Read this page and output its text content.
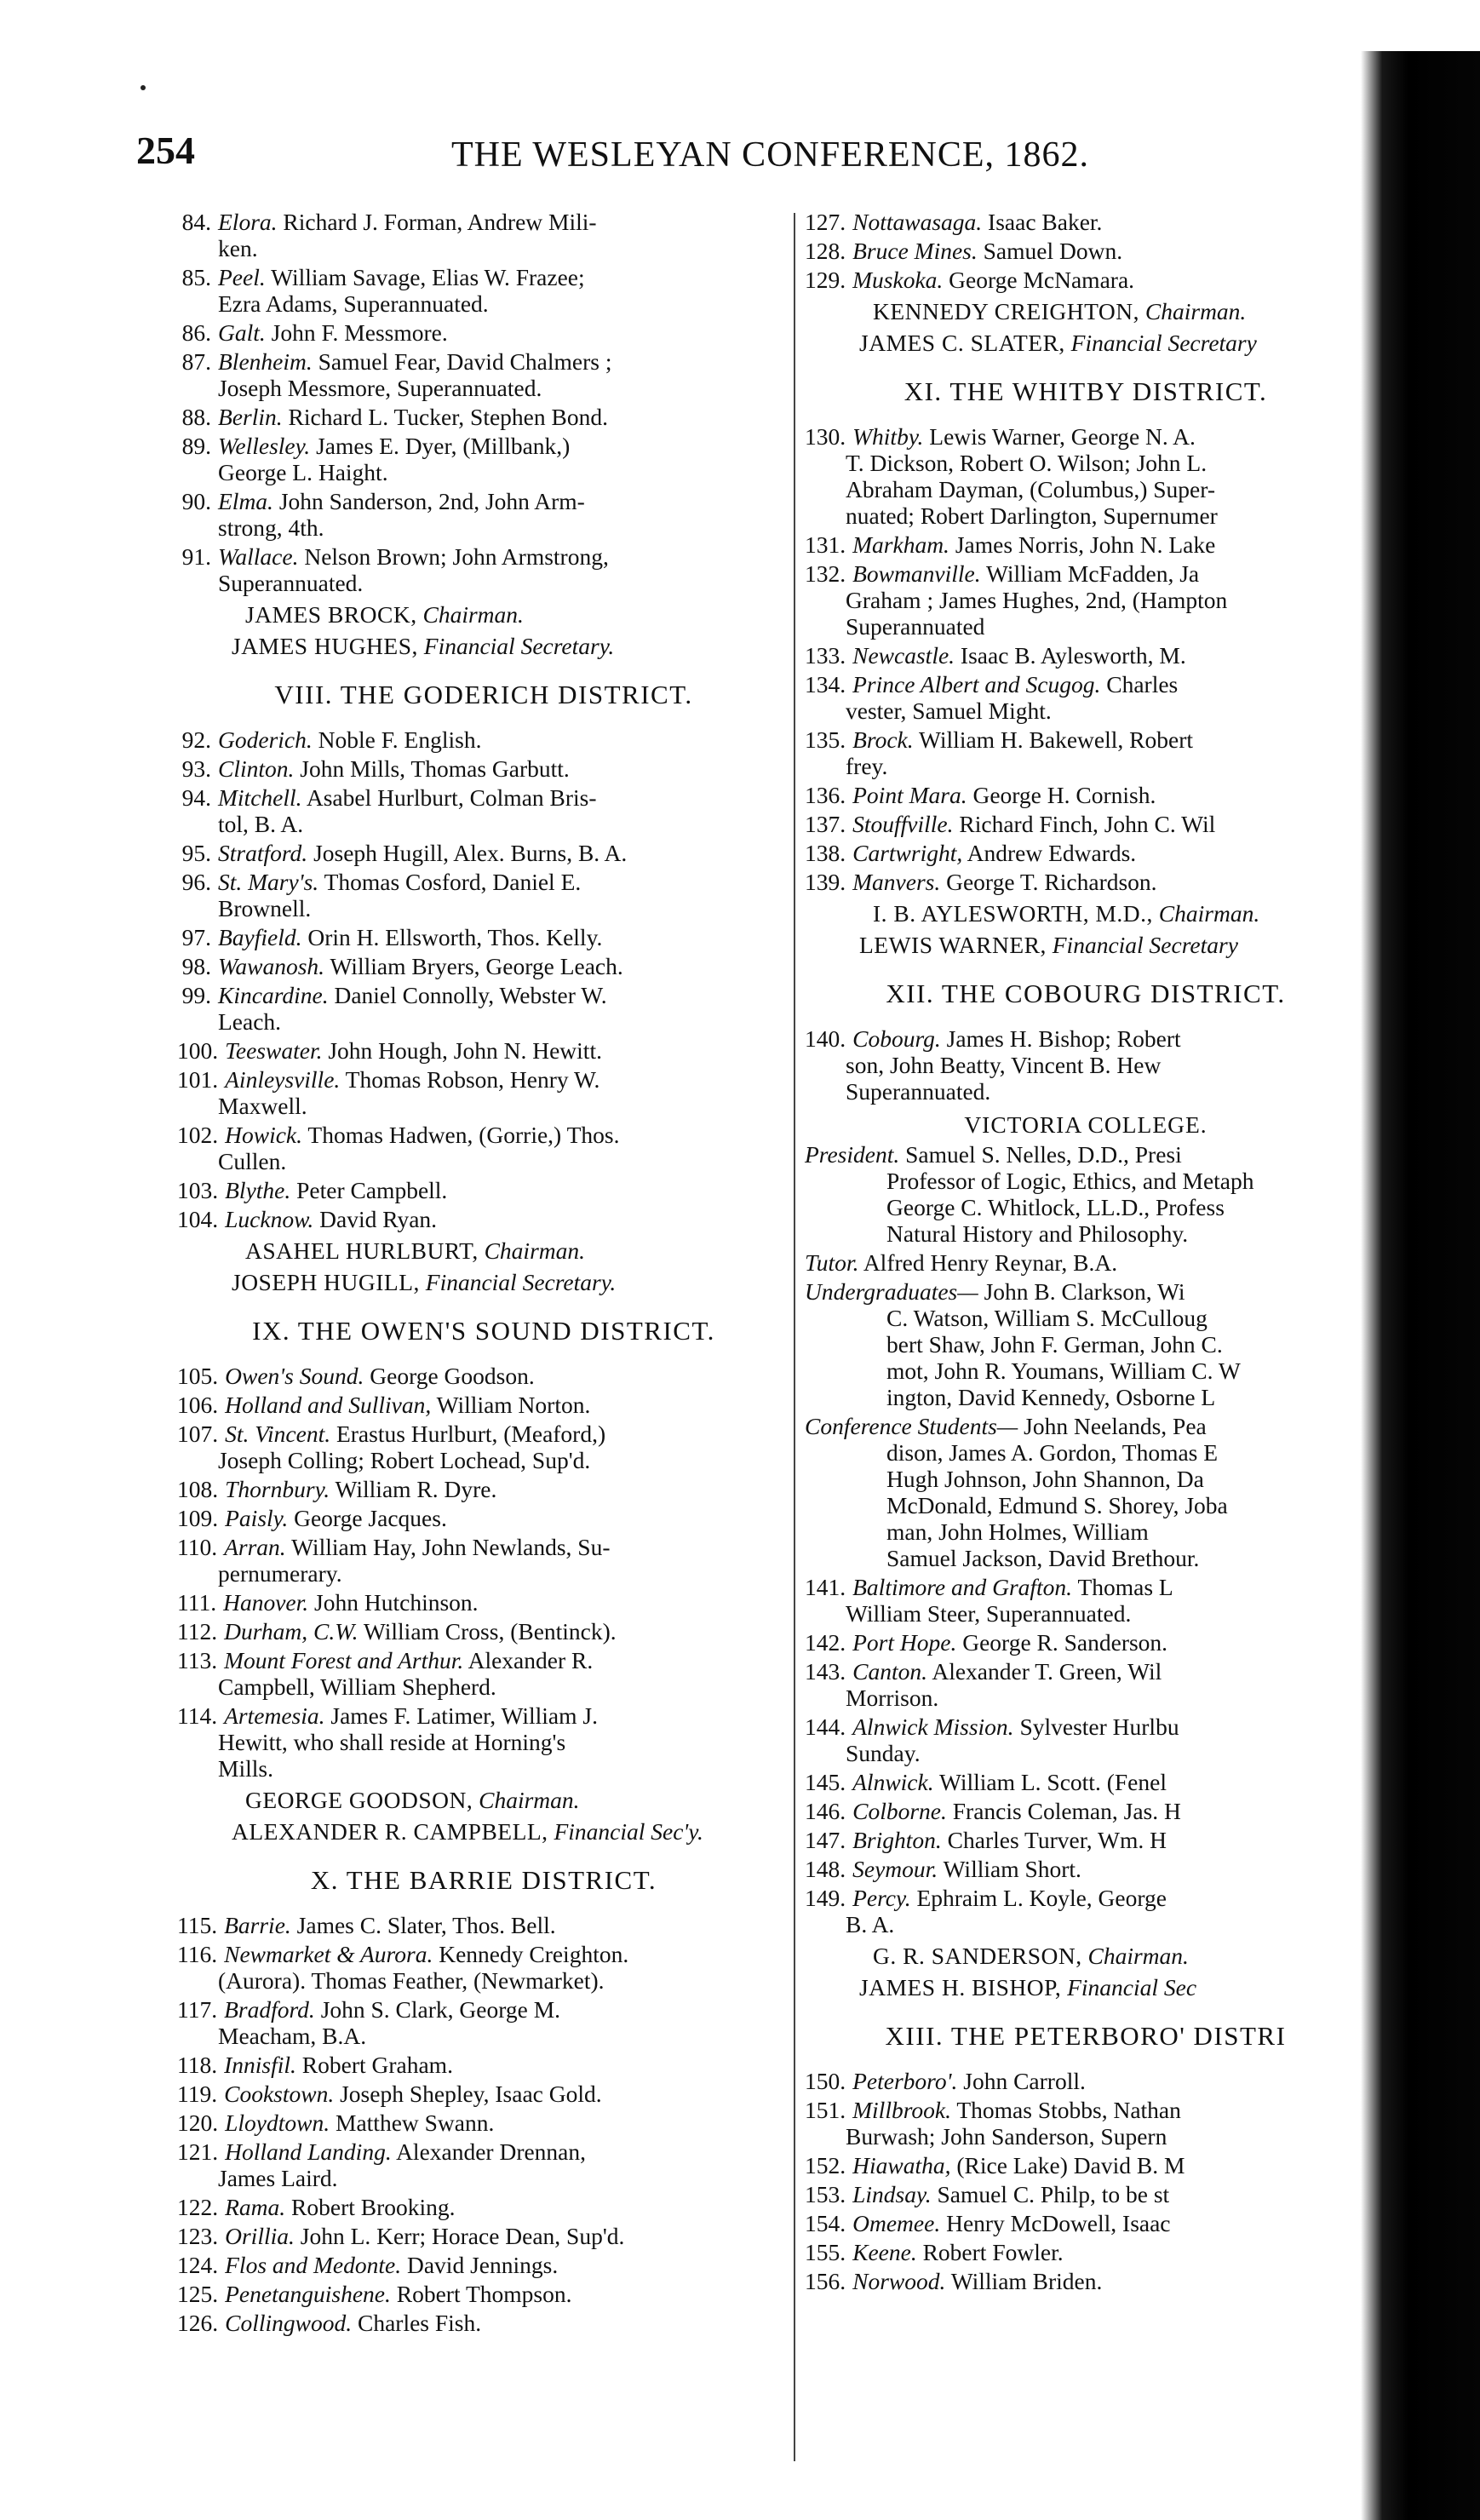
254	THE WESLEYAN CONFERENCE, 1862.

84. Elora. Richard J. Forman, Andrew Mili-
ken.

85. Peel. William Savage, Elias W. Frazee;
Ezra Adams, Superannuated.

86. Galt. John F. Messmore.

87. Blenheim. Samuel Fear, David Chalmers ;
Joseph Messmore, Superannuated.

88. Berlin. Richard L. Tucker, Stephen Bond.

89. Wellesley. James E. Dyer, (Millbank,)
George L. Haight.

90. Elma. John Sanderson, 2nd, John Arm-
strong, 4th.

91. Wallace. Nelson Brown; John Armstrong,
Superannuated.

JAMES BROCK, Chairman.

JAMES HUGHES, Financial Secretary.

VIII. THE GODERICH DISTRICT.

92. Goderich. Noble F. English.

93. Clinton. John Mills, Thomas Garbutt.

94. Mitchell. Asabel Hurlburt, Colman Bris-
tol, B. A.

95. Stratford. Joseph Hugill, Alex. Burns, B. A.

96. St. Mary's. Thomas Cosford, Daniel E.
Brownell.

97. Bayfield. Orin H. Ellsworth, Thos. Kelly.

98. Wawanosh. William Bryers, George Leach.

99. Kincardine. Daniel Connolly, Webster W.
Leach.

100. Teeswater. John Hough, John N. Hewitt.

101. Ainleysville. Thomas Robson, Henry W.
Maxwell.

102. Howick. Thomas Hadwen, (Gorrie,) Thos.
Cullen.

103. Blythe. Peter Campbell.

104. Lucknow. David Ryan.

ASAHEL HURLBURT, Chairman.

JOSEPH HUGILL, Financial Secretary.

IX. THE OWEN'S SOUND DISTRICT.

105. Owen's Sound. George Goodson.

106. Holland and Sullivan, William Norton.

107. St. Vincent. Erastus Hurlburt, (Meaford,)
Joseph Colling; Robert Lochead, Sup'd.

108. Thornbury. William R. Dyre.

109. Paisly. George Jacques.

110. Arran. William Hay, John Newlands, Su-
pernumerary.

111. Hanover. John Hutchinson.

112. Durham, C.W. William Cross, (Bentinck).

113. Mount Forest and Arthur. Alexander R.
Campbell, William Shepherd.

114. Artemesia. James F. Latimer, William J.
Hewitt, who shall reside at Horning's
Mills.

GEORGE GOODSON, Chairman.

ALEXANDER R. CAMPBELL, Financial Sec'y.

X. THE BARRIE DISTRICT.

115. Barrie. James C. Slater, Thos. Bell.

116. Newmarket & Aurora. Kennedy Creighton.
(Aurora). Thomas Feather, (Newmarket).

117. Bradford. John S. Clark, George M.
Meacham, B.A.

118. Innisfil. Robert Graham.

119. Cookstown. Joseph Shepley, Isaac Gold.

120. Lloydtown. Matthew Swann.

121. Holland Landing. Alexander Drennan,
James Laird.

122. Rama. Robert Brooking.

123. Orillia. John L. Kerr; Horace Dean, Sup'd.

124. Flos and Medonte. David Jennings.

125. Penetanguishene. Robert Thompson.

126. Collingwood. Charles Fish.

127. Nottawasaga. Isaac Baker.

128. Bruce Mines. Samuel Down.

129. Muskoka. George McNamara.

KENNEDY CREIGHTON, Chairman.

JAMES C. SLATER, Financial Secretary

XI. THE WHITBY DISTRICT.

130. Whitby. Lewis Warner, George N. A.
T. Dickson, Robert O. Wilson; John L.
Abraham Dayman, (Columbus,) Super-
nuated; Robert Darlington, Supernumer

131. Markham. James Norris, John N. Lake

132. Bowmanville. William McFadden, Ja
Graham ; James Hughes, 2nd, (Hampton
Superannuated

133. Newcastle. Isaac B. Aylesworth, M.

134. Prince Albert and Scugog. Charles
vester, Samuel Might.

135. Brock. William H. Bakewell, Robert
frey.

136. Point Mara. George H. Cornish.

137. Stouffville. Richard Finch, John C. Wil

138. Cartwright, Andrew Edwards.

139. Manvers. George T. Richardson.

I. B. AYLESWORTH, M.D., Chairman.

LEWIS WARNER, Financial Secretary

XII. THE COBOURG DISTRICT.

140. Cobourg. James H. Bishop; Robert
son, John Beatty, Vincent B. Hew
Superannuated.

VICTORIA COLLEGE.

President. Samuel S. Nelles, D.D., Presi
Professor of Logic, Ethics, and Metaph
George C. Whitlock, LL.D., Profess
Natural History and Philosophy.

Tutor. Alfred Henry Reynar, B.A.

Undergraduates— John B. Clarkson, Wi
C. Watson, William S. McCulloug
bert Shaw, John F. German, John C.
mot, John R. Youmans, William C. W
ington, David Kennedy, Osborne L

Conference Students— John Neelands, Pea
dison, James A. Gordon, Thomas E
Hugh Johnson, John Shannon, Da
McDonald, Edmund S. Shorey, Joba
man, John Holmes, William
Samuel Jackson, David Brethour.

141. Baltimore and Grafton. Thomas L
William Steer, Superannuated.

142. Port Hope. George R. Sanderson.

143. Canton. Alexander T. Green, Wil
Morrison.

144. Alnwick Mission. Sylvester Hurlbu
Sunday.

145. Alnwick. William L. Scott. (Fenel

146. Colborne. Francis Coleman, Jas. H

147. Brighton. Charles Turver, Wm. H

148. Seymour. William Short.

149. Percy. Ephraim L. Koyle, George
B. A.

G. R. SANDERSON, Chairman.

JAMES H. BISHOP, Financial Sec

XIII. THE PETERBORO' DISTRI

150. Peterboro'. John Carroll.

151. Millbrook. Thomas Stobbs, Nathan
Burwash; John Sanderson, Supern

152. Hiawatha, (Rice Lake) David B. M

153. Lindsay. Samuel C. Philp, to be st

154. Omemee. Henry McDowell, Isaac

155. Keene. Robert Fowler.

156. Norwood. William Briden.
